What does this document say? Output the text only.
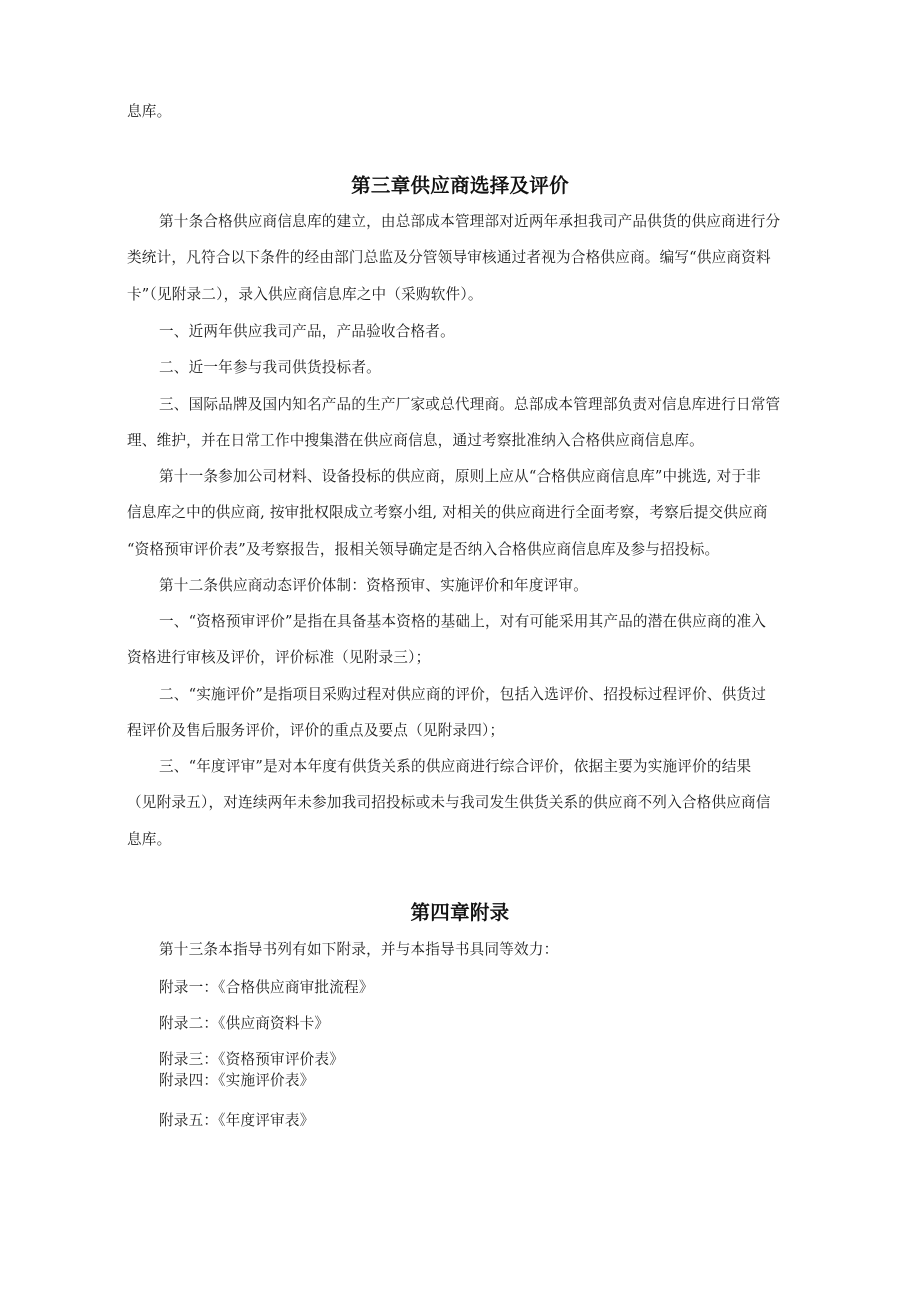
息库。

第三章供应商选择及评价

第十条合格供应商信息库的建立，由总部成本管理部对近两年承担我司产品供货的供应商进行分

类统计，凡符合以下条件的经由部门总监及分管领导审核通过者视为合格供应商。编写“供应商资料

卡”（见附录二），录入供应商信息库之中（采购软件）。

一、近两年供应我司产品，产品验收合格者。

二、近一年参与我司供货投标者。

三、国际品牌及国内知名产品的生产厂家或总代理商。总部成本管理部负责对信息库进行日常管

理、维护，并在日常工作中搜集潜在供应商信息，通过考察批准纳入合格供应商信息库。

第十一条参加公司材料、设备投标的供应商，原则上应从“合格供应商信息库”中挑选, 对于非

信息库之中的供应商, 按审批权限成立考察小组, 对相关的供应商进行全面考察，考察后提交供应商

“资格预审评价表”及考察报告，报相关领导确定是否纳入合格供应商信息库及参与招投标。

第十二条供应商动态评价体制：资格预审、实施评价和年度评审。

一、“资格预审评价”是指在具备基本资格的基础上，对有可能采用其产品的潜在供应商的准入

资格进行审核及评价，评价标准（见附录三）；

二、“实施评价”是指项目采购过程对供应商的评价，包括入选评价、招投标过程评价、供货过

程评价及售后服务评价，评价的重点及要点（见附录四）；

三、“年度评审”是对本年度有供货关系的供应商进行综合评价，依据主要为实施评价的结果

（见附录五），对连续两年未参加我司招投标或未与我司发生供货关系的供应商不列入合格供应商信

息库。

第四章附录

第十三条本指导书列有如下附录，并与本指导书具同等效力：

附录一：《合格供应商审批流程》

附录二：《供应商资料卡》

附录三：《资格预审评价表》

附录四：《实施评价表》

附录五：《年度评审表》
